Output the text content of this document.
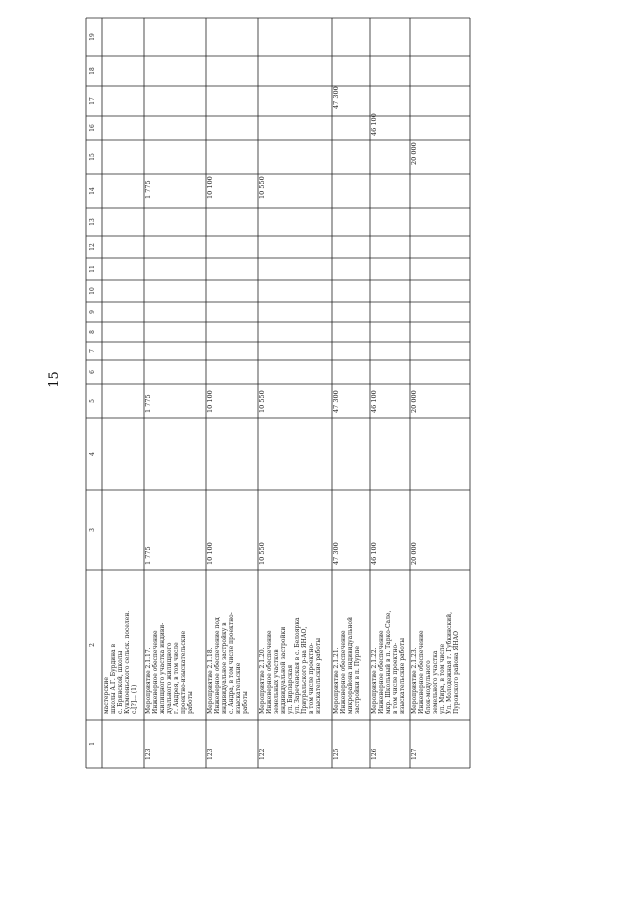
15
1
2
3
4
5
6
7
8
9
10
11
12
13
14
15
16
17
18
19
мастерские школы А.Г. Бурдина в с. Брянской, школы Кукмоеньского сельск. поселен. с.[?]... (1)
123
Мероприятие 2.1.17. Инженерное обеспечение жилищного участка индиви- дуального жилищного г. Андрея, в том числе проектно-изыскательские работы
1 775
1 775
1 775
123
Мероприятие 2.1.18. Инженерное обеспечение под индивидуальное застройку в с. Андра, в том числе проектно- изыскательские работы
10 100
10 100
10 100
122
Мероприятие 2.1.20. Инженерное обеспечение земельных участков индивидуальной застройки ул. Бирларская ул. Зареченская в с. Белоярка Приуральского р-на ЯНАО, в том числе проектно- изыскательские работы
10 550
10 550
10 550
125
Мероприятие 2.1.21. Инженерное обеспечение микрорайона индивидуальной застройки в п. Пурпе
47 300
47 300
47 300
126
Мероприятие 2.1.22. Инженерное обеспечение мкр. Школьный в п. Тарко-Сале, в том числе проектно- изыскательские работы
46 100
46 100
46 100
127
Мероприятие 2.1.23. Инженерное обеспечение блок-модульного земельного участка ул. Мира, в том числе Ул. Молодежная г. Губкинский, Пуровского района ЯНАО
20 000
20 000
20 000
